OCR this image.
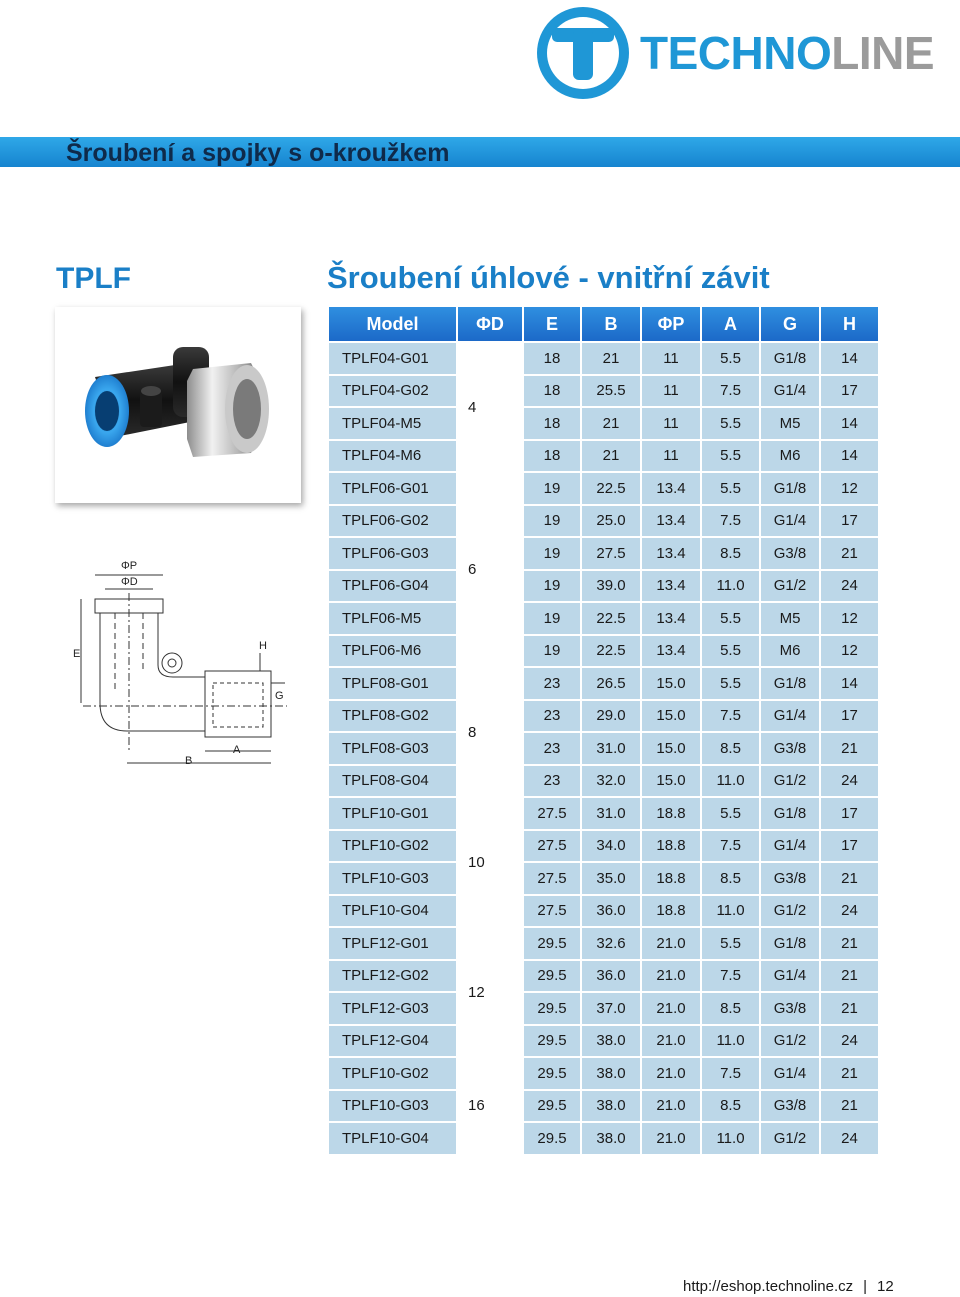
TECHNOLINE
Šroubení a spojky s o-kroužkem
TPLF	Šroubení úhlové - vnitřní závit
ΦP
ΦD
E
H
G
B
A
Model	ΦD	E	B	ΦP	A	G	H
TPLF04-G01	4	18	21	11	5.5	G1/8	14
TPLF04-G02		18	25.5	11	7.5	G1/4	17
TPLF04-M5		18	21	11	5.5	M5	14
TPLF04-M6		18	21	11	5.5	M6	14
TPLF06-G01	6	19	22.5	13.4	5.5	G1/8	12
TPLF06-G02		19	25.0	13.4	7.5	G1/4	17
TPLF06-G03		19	27.5	13.4	8.5	G3/8	21
TPLF06-G04		19	39.0	13.4	11.0	G1/2	24
TPLF06-M5		19	22.5	13.4	5.5	M5	12
TPLF06-M6		19	22.5	13.4	5.5	M6	12
TPLF08-G01	8	23	26.5	15.0	5.5	G1/8	14
TPLF08-G02		23	29.0	15.0	7.5	G1/4	17
TPLF08-G03		23	31.0	15.0	8.5	G3/8	21
TPLF08-G04		23	32.0	15.0	11.0	G1/2	24
TPLF10-G01	10	27.5	31.0	18.8	5.5	G1/8	17
TPLF10-G02		27.5	34.0	18.8	7.5	G1/4	17
TPLF10-G03		27.5	35.0	18.8	8.5	G3/8	21
TPLF10-G04		27.5	36.0	18.8	11.0	G1/2	24
TPLF12-G01	12	29.5	32.6	21.0	5.5	G1/8	21
TPLF12-G02		29.5	36.0	21.0	7.5	G1/4	21
TPLF12-G03		29.5	37.0	21.0	8.5	G3/8	21
TPLF12-G04		29.5	38.0	21.0	11.0	G1/2	24
TPLF10-G02	16	29.5	38.0	21.0	7.5	G1/4	21
TPLF10-G03		29.5	38.0	21.0	8.5	G3/8	21
TPLF10-G04		29.5	38.0	21.0	11.0	G1/2	24
http://eshop.technoline.cz | 12
